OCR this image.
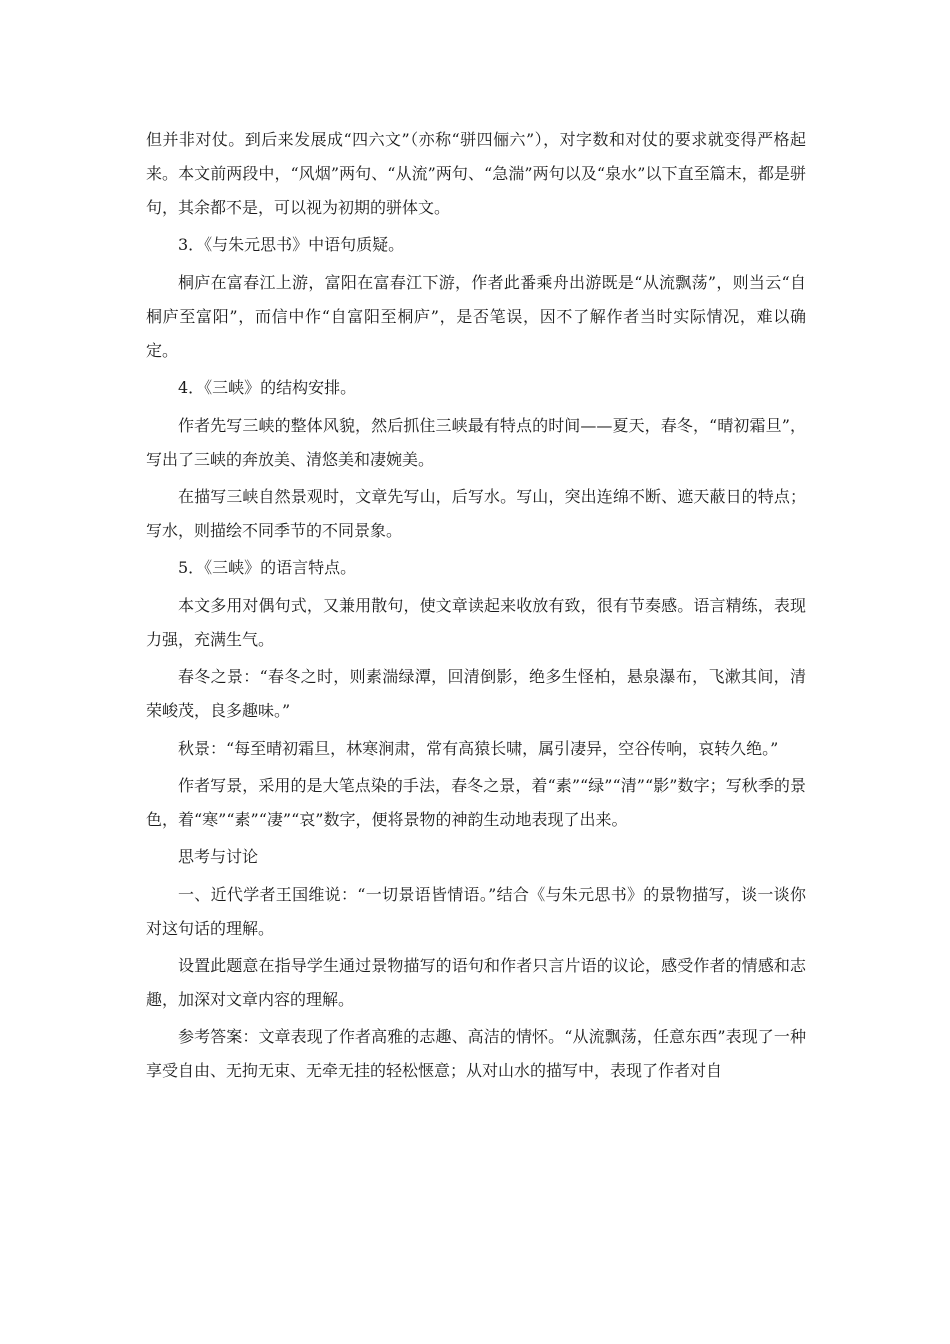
但并非对仗。到后来发展成“四六文”（亦称“骈四俪六”），对字数和对仗的要求就变得严格起来。本文前两段中，“风烟”两句、“从流”两句、“急湍”两句以及“泉水”以下直至篇末，都是骈句，其余都不是，可以视为初期的骈体文。

3．《与朱元思书》中语句质疑。

桐庐在富春江上游，富阳在富春江下游，作者此番乘舟出游既是“从流飘荡”，则当云“自桐庐至富阳”，而信中作“自富阳至桐庐”，是否笔误，因不了解作者当时实际情况，难以确定。

4．《三峡》的结构安排。

作者先写三峡的整体风貌，然后抓住三峡最有特点的时间——夏天，春冬，“晴初霜旦”，写出了三峡的奔放美、清悠美和凄婉美。

在描写三峡自然景观时，文章先写山，后写水。写山，突出连绵不断、遮天蔽日的特点；写水，则描绘不同季节的不同景象。

5．《三峡》的语言特点。

本文多用对偶句式，又兼用散句，使文章读起来收放有致，很有节奏感。语言精练，表现力强，充满生气。

春冬之景：“春冬之时，则素湍绿潭，回清倒影，绝多生怪柏，悬泉瀑布，飞漱其间，清荣峻茂，良多趣味。”

秋景：“每至晴初霜旦，林寒涧肃，常有高猿长啸，属引凄异，空谷传响，哀转久绝。”

作者写景，采用的是大笔点染的手法，春冬之景，着“素”“绿”“清”“影”数字；写秋季的景色，着“寒”“素”“凄”“哀”数字，便将景物的神韵生动地表现了出来。

思考与讨论

一、近代学者王国维说：“一切景语皆情语。”结合《与朱元思书》的景物描写，谈一谈你对这句话的理解。

设置此题意在指导学生通过景物描写的语句和作者只言片语的议论，感受作者的情感和志趣，加深对文章内容的理解。

参考答案：文章表现了作者高雅的志趣、高洁的情怀。“从流飘荡，任意东西”表现了一种享受自由、无拘无束、无牵无挂的轻松惬意；从对山水的描写中，表现了作者对自
